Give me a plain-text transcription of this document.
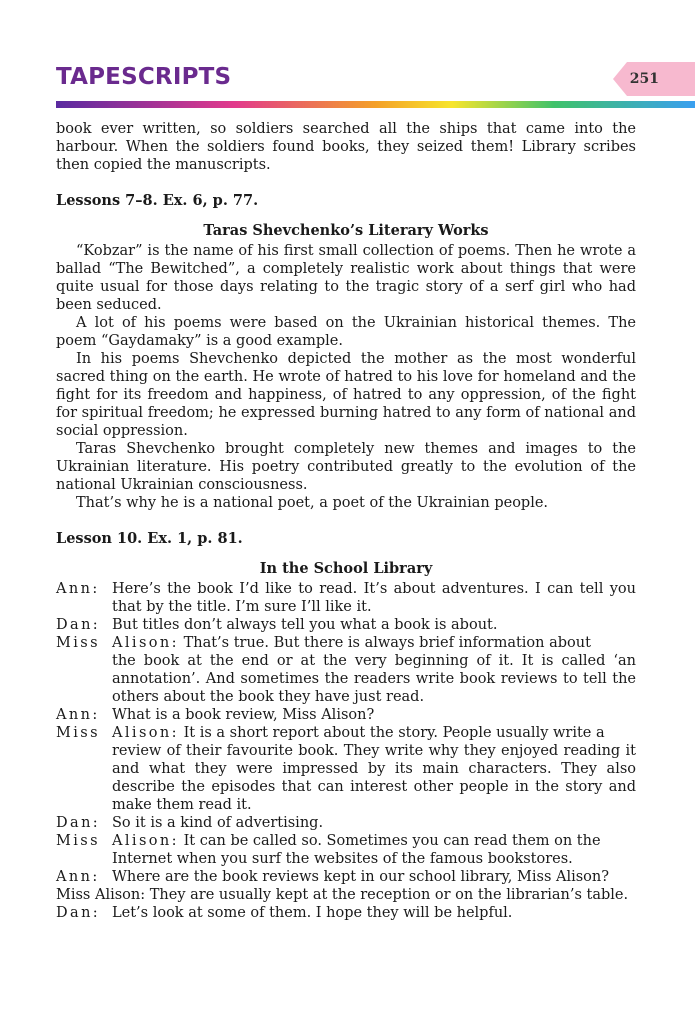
TAPESCRIPTS	251

book ever written, so soldiers searched all the ships that came into the harbour. When the soldiers found books, they seized them! Library scribes then copied the manuscripts.

Lessons 7–8. Ex. 6, p. 77.

Taras Shevchenko’s Literary Works

“Kobzar” is the name of his first small collection of poems. Then he wrote a ballad “The Bewitched”, a completely realistic work about things that were quite usual for those days relating to the tragic story of a serf girl who had been seduced.

A lot of his poems were based on the Ukrainian historical themes. The poem “Gaydamaky” is a good example.

In his poems Shevchenko depicted the mother as the most wonderful sacred thing on the earth. He wrote of hatred to his love for homeland and the fight for its freedom and happiness, of hatred to any oppression, of the fight for spiritual freedom; he expressed burning hatred to any form of national and social oppression.

Taras Shevchenko brought completely new themes and images to the Ukrainian literature. His poetry contributed greatly to the evolution of the national Ukrainian consciousness.

That’s why he is a national poet, a poet of the Ukrainian people.

Lesson 10. Ex. 1, p. 81.

In the School Library

Ann: Here’s the book I’d like to read. It’s about adventures. I can tell you that by the title. I’m sure I’ll like it.
Dan: But titles don’t always tell you what a book is about.
Miss Alison: That’s true. But there is always brief information about

the book at the end or at the very beginning of it. It is called ‘an annotation’. And sometimes the readers write book reviews to tell the others about the book they have just read.

Ann: What is a book review, Miss Alison?
Miss Alison: It is a short report about the story. People usually write a

review of their favourite book. They write why they enjoyed reading it and what they were impressed by its main characters. They also describe the episodes that can interest other people in the story and make them read it.

Dan: So it is a kind of advertising.
Miss Alison: It can be called so. Sometimes you can read them on the

Internet when you surf the websites of the famous bookstores.

Ann: Where are the book reviews kept in our school library, Miss Alison?

Miss Alison: They are usually kept at the reception or on the librarian’s table.

Dan: Let’s look at some of them. I hope they will be helpful.
